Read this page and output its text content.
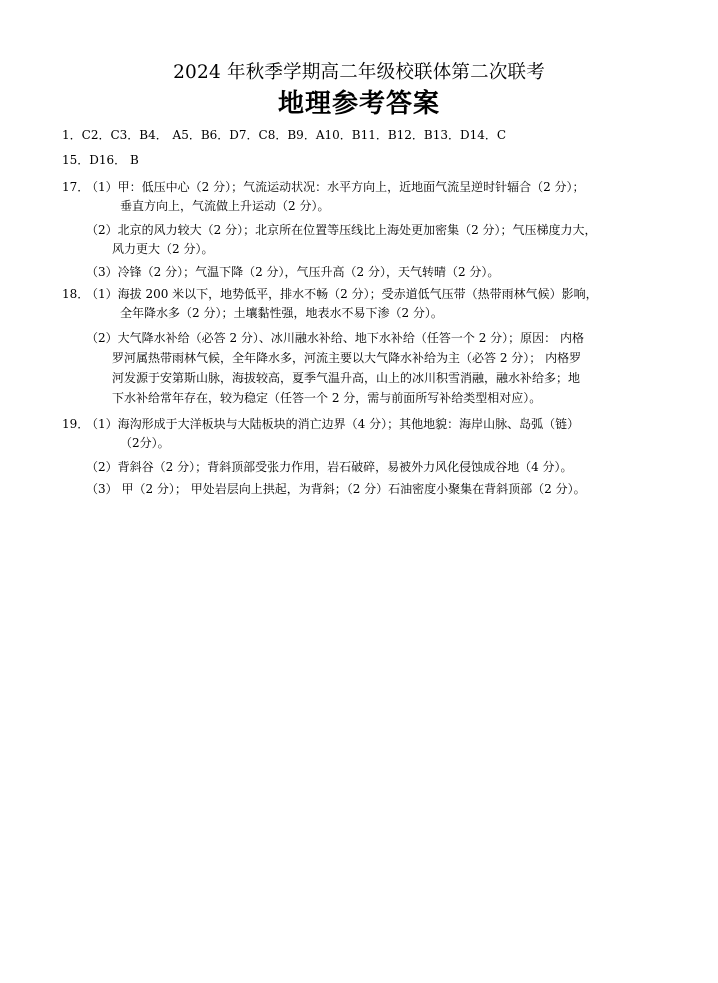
2024 年秋季学期高二年级校联体第二次联考
地理参考答案
1．C2．C3．B4． A5．B6．D7．C8．B9．A10．B11．B12．B13．D14．C
15．D16． B
17．
（1）甲：低压中心（2 分）；气流运动状况：水平方向上，近地面气流呈逆时针辐合（2 分）；
垂直方向上，气流做上升运动（2 分）。
（2）北京的风力较大（2 分）；北京所在位置等压线比上海处更加密集（2 分）；气压梯度力大，
风力更大（2 分）。
（3）冷锋（2 分）；气温下降（2 分），气压升高（2 分），天气转晴（2 分）。
18．
（1）海拔 200 米以下，地势低平，排水不畅（2 分）；受赤道低气压带（热带雨林气候）影响，
全年降水多（2 分）；土壤黏性强，地表水不易下渗（2 分）。
（2）大气降水补给（必答 2 分）、冰川融水补给、地下水补给（任答一个 2 分）；原因： 内格
罗河属热带雨林气候，全年降水多，河流主要以大气降水补给为主（必答 2 分）； 内格罗
河发源于安第斯山脉，海拔较高，夏季气温升高，山上的冰川积雪消融，融水补给多；地
下水补给常年存在，较为稳定（任答一个 2 分，需与前面所写补给类型相对应）。
19．
（1）海沟形成于大洋板块与大陆板块的消亡边界（4 分）；其他地貌：海岸山脉、岛弧（链）
（2分）。
（2）背斜谷（2 分）；背斜顶部受张力作用，岩石破碎，易被外力风化侵蚀成谷地（4 分）。
（3） 甲（2 分）； 甲处岩层向上拱起，为背斜；（2 分）石油密度小聚集在背斜顶部（2 分）。
